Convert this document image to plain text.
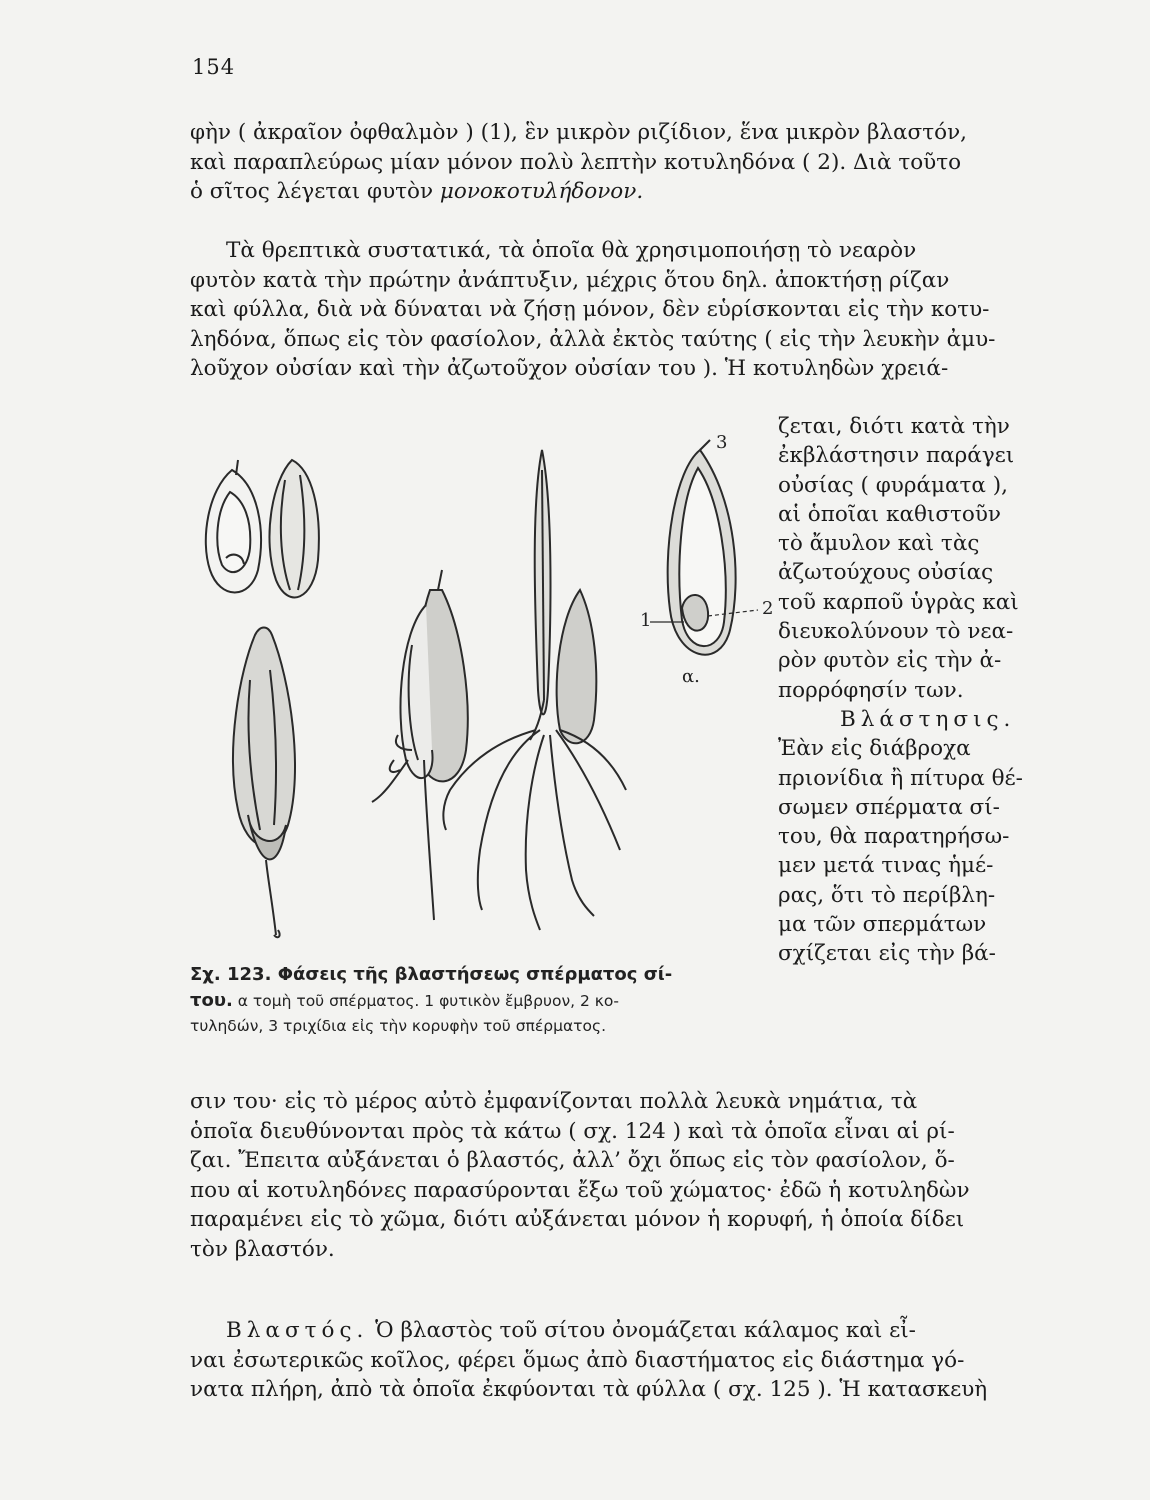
154
φὴν ( ἀκραῖον ὀφθαλμὸν ) (1), ἓν μικρὸν ριζίδιον, ἕνα μικρὸν βλαστόν,
καὶ παραπλεύρως μίαν μόνον πολὺ λεπτὴν κοτυληδόνα ( 2). Διὰ τοῦτο
ὁ σῖτος λέγεται φυτὸν μονοκοτυλήδονον.
Τὰ θρεπτικὰ συστατικά, τὰ ὁποῖα θὰ χρησιμοποιήσῃ τὸ νεαρὸν
φυτὸν κατὰ τὴν πρώτην ἀνάπτυξιν, μέχρις ὅτου δηλ. ἀποκτήσῃ ρίζαν
καὶ φύλλα, διὰ νὰ δύναται νὰ ζήσῃ μόνον, δὲν εὑρίσκονται εἰς τὴν κοτυ-
ληδόνα, ὅπως εἰς τὸν φασίολον, ἀλλὰ ἐκτὸς ταύτης ( εἰς τὴν λευκὴν ἀμυ-
λοῦχον οὐσίαν καὶ τὴν ἀζωτοῦχον οὐσίαν του ). Ἡ κοτυληδὼν χρειά-
ζεται, διότι κατὰ τὴν
ἐκβλάστησιν παράγει
οὐσίας ( φυράματα ),
αἱ ὁποῖαι καθιστοῦν
τὸ ἄμυλον καὶ τὰς
ἀζωτούχους οὐσίας
τοῦ καρποῦ ὑγρὰς καὶ
διευκολύνουν τὸ νεα-
ρὸν φυτὸν εἰς τὴν ἀ-
πορρόφησίν των.
Βλάστησις.
Ἐὰν εἰς διάβροχα
πριονίδια ἢ πίτυρα θέ-
σωμεν σπέρματα σί-
του, θὰ παρατηρήσω-
μεν μετά τινας ἡμέ-
ρας, ὅτι τὸ περίβλη-
μα τῶν σπερμάτων
σχίζεται εἰς τὴν βά-
1
2
3
α.
Σχ. 123. Φάσεις τῆς βλαστήσεως σπέρματος σί-
του. α τομὴ τοῦ σπέρματος. 1 φυτικὸν ἔμβρυον, 2 κο-
τυληδών, 3 τριχίδια εἰς τὴν κορυφὴν τοῦ σπέρματος.
σιν του· εἰς τὸ μέρος αὐτὸ ἐμφανίζονται πολλὰ λευκὰ νημάτια, τὰ
ὁποῖα διευθύνονται πρὸς τὰ κάτω ( σχ. 124 ) καὶ τὰ ὁποῖα εἶναι αἱ ρί-
ζαι. Ἔπειτα αὐξάνεται ὁ βλαστός, ἀλλ’ ὄχι ὅπως εἰς τὸν φασίολον, ὅ-
που αἱ κοτυληδόνες παρασύρονται ἔξω τοῦ χώματος· ἐδῶ ἡ κοτυληδὼν
παραμένει εἰς τὸ χῶμα, διότι αὐξάνεται μόνον ἡ κορυφή, ἡ ὁποία δίδει
τὸν βλαστόν.
Βλαστός. Ὁ βλαστὸς τοῦ σίτου ὀνομάζεται κάλαμος καὶ εἶ-
ναι ἐσωτερικῶς κοῖλος, φέρει ὅμως ἀπὸ διαστήματος εἰς διάστημα γό-
νατα πλήρη, ἀπὸ τὰ ὁποῖα ἐκφύονται τὰ φύλλα ( σχ. 125 ). Ἡ κατασκευὴ
